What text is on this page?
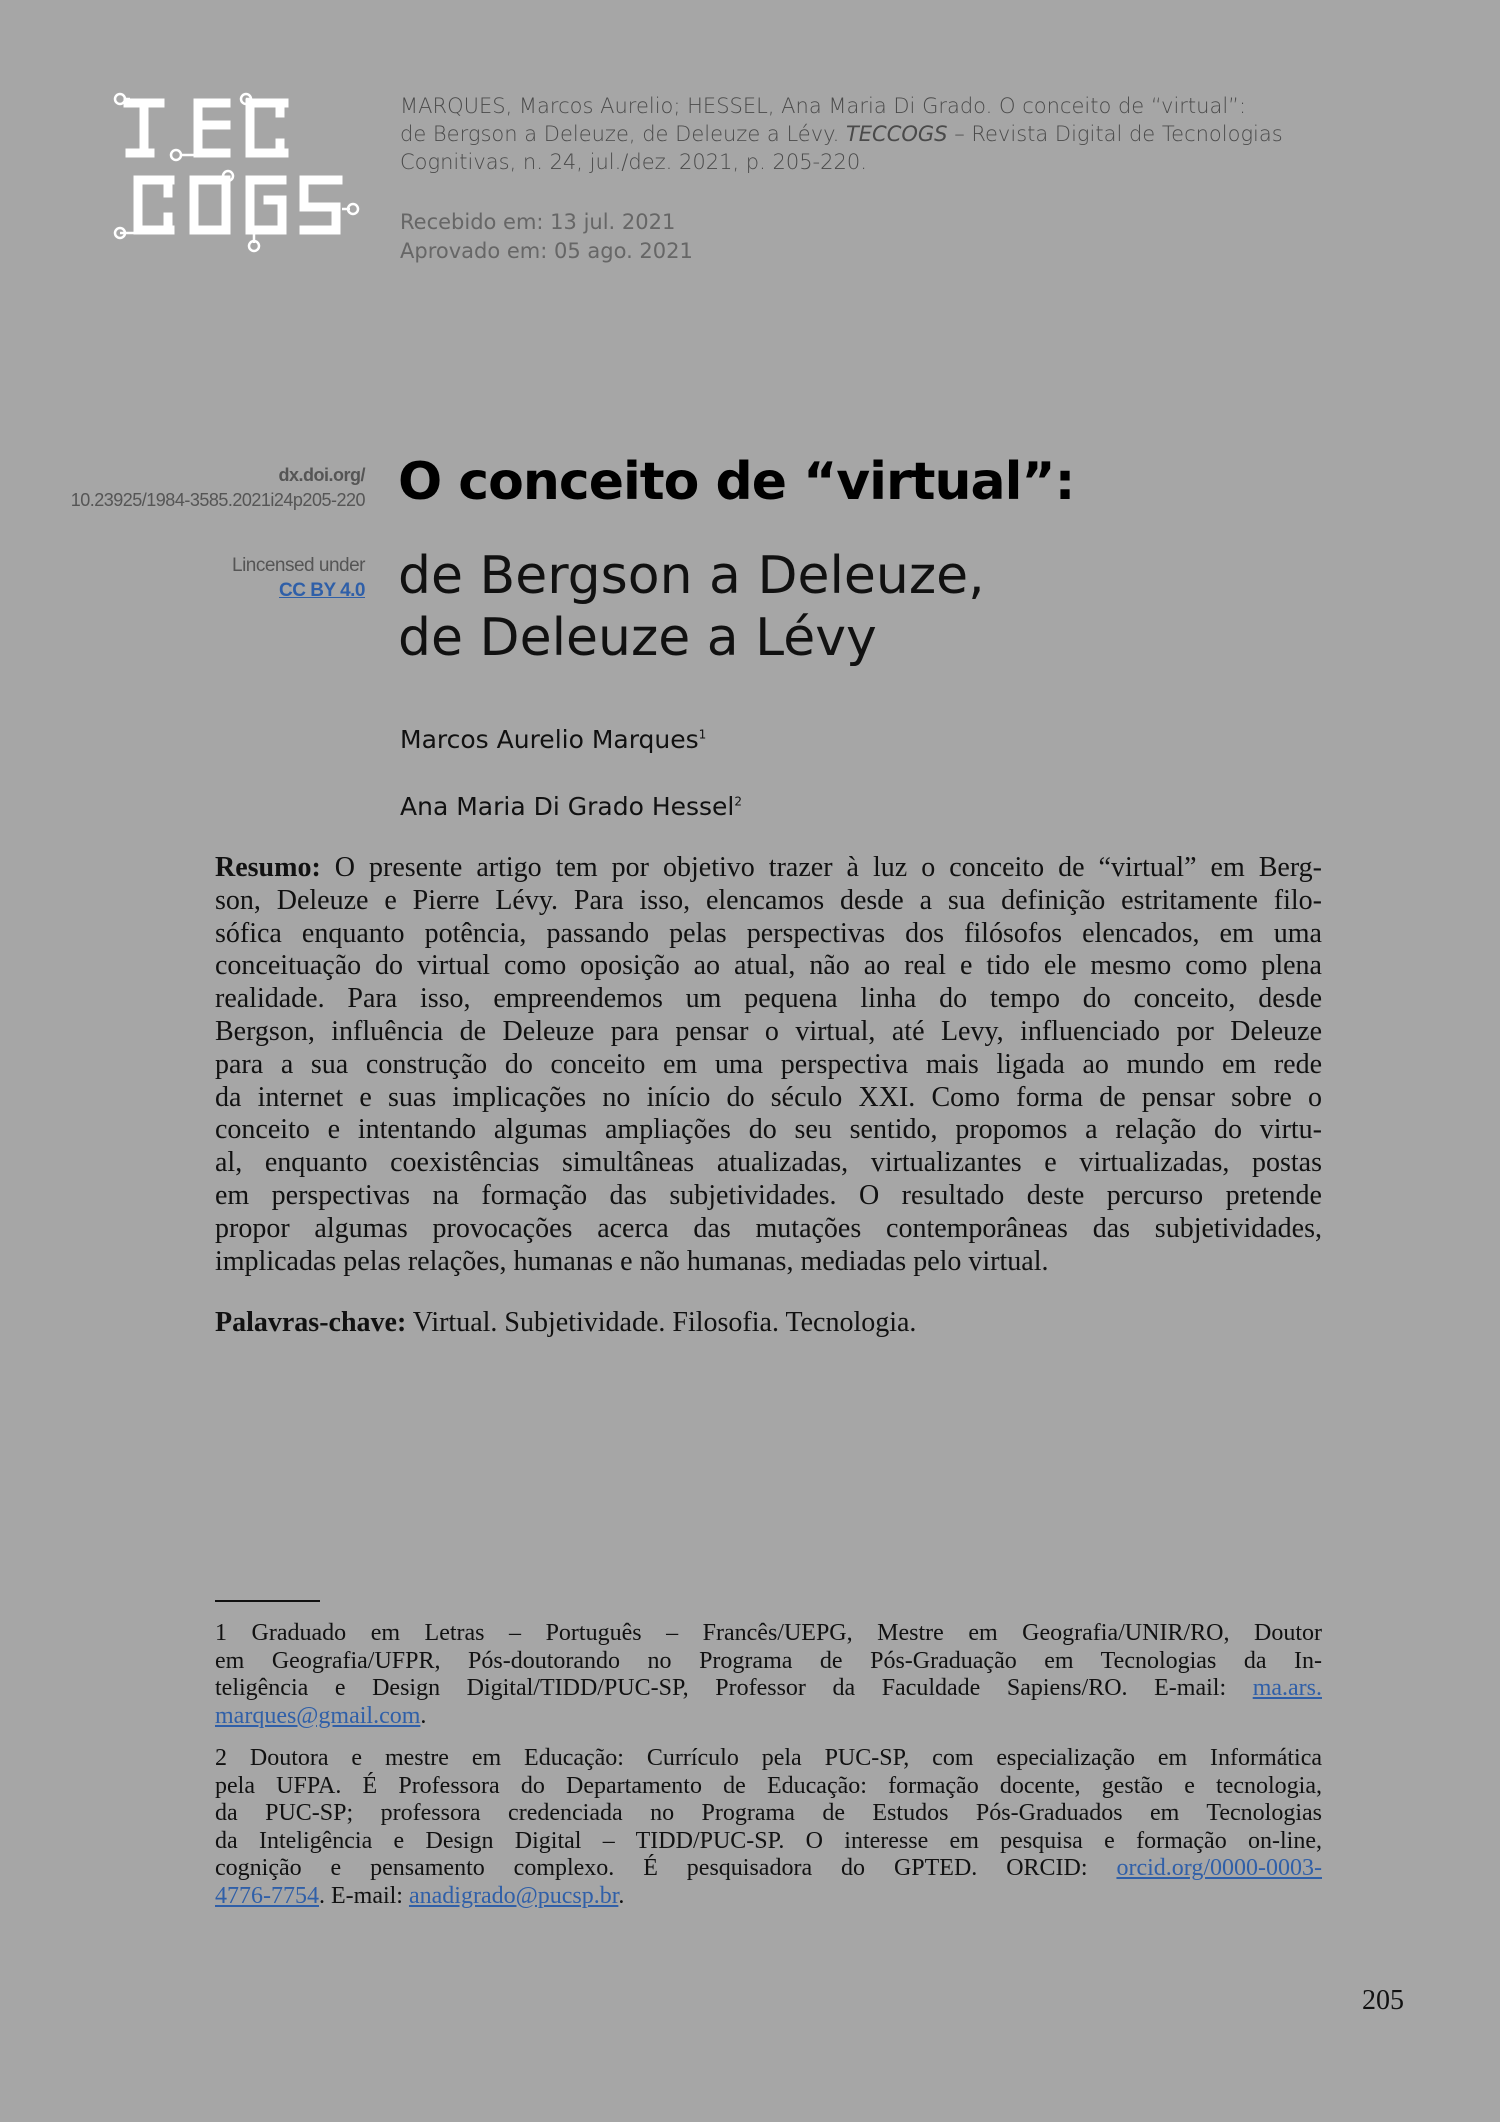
MARQUES, Marcos Aurelio; HESSEL, Ana Maria Di Grado. O conceito de “virtual”:
de Bergson a Deleuze, de Deleuze a Lévy. TECCOGS – Revista Digital de Tecnologias
Cognitivas, n. 24, jul./dez. 2021, p. 205-220.
Recebido em: 13 jul. 2021
Aprovado em: 05 ago. 2021
dx.doi.org/
10.23925/1984-3585.2021i24p205-220
Lincensed under
CC BY 4.0
O conceito de “virtual”:
de Bergson a Deleuze,
de Deleuze a Lévy
Marcos Aurelio Marques$^1$
Ana Maria Di Grado Hessel$^2$
Resumo: O presente artigo tem por objetivo trazer à luz o conceito de “virtual” em Berg-
son, Deleuze e Pierre Lévy. Para isso, elencamos desde a sua definição estritamente filo-
sófica enquanto potência, passando pelas perspectivas dos filósofos elencados, em uma
conceituação do virtual como oposição ao atual, não ao real e tido ele mesmo como plena
realidade. Para isso, empreendemos um pequena linha do tempo do conceito, desde
Bergson, influência de Deleuze para pensar o virtual, até Levy, influenciado por Deleuze
para a sua construção do conceito em uma perspectiva mais ligada ao mundo em rede
da internet e suas implicações no início do século XXI. Como forma de pensar sobre o
conceito e intentando algumas ampliações do seu sentido, propomos a relação do virtu-
al, enquanto coexistências simultâneas atualizadas, virtualizantes e virtualizadas, postas
em perspectivas na formação das subjetividades. O resultado deste percurso pretende
propor algumas provocações acerca das mutações contemporâneas das subjetividades,
implicadas pelas relações, humanas e não humanas, mediadas pelo virtual.
Palavras-chave: Virtual. Subjetividade. Filosofia. Tecnologia.
1 Graduado em Letras – Português – Francês/UEPG, Mestre em Geografia/UNIR/RO, Doutor
em Geografia/UFPR, Pós-doutorando no Programa de Pós-Graduação em Tecnologias da In-
teligência e Design Digital/TIDD/PUC-SP, Professor da Faculdade Sapiens/RO. E-mail: ma.ars.
marques@gmail.com.
2 Doutora e mestre em Educação: Currículo pela PUC-SP, com especialização em Informática
pela UFPA. É Professora do Departamento de Educação: formação docente, gestão e tecnologia,
da PUC-SP; professora credenciada no Programa de Estudos Pós-Graduados em Tecnologias
da Inteligência e Design Digital – TIDD/PUC-SP. O interesse em pesquisa e formação on-line,
cognição e pensamento complexo. É pesquisadora do GPTED. ORCID: orcid.org/0000-0003-
4776-7754. E-mail: anadigrado@pucsp.br.
205
